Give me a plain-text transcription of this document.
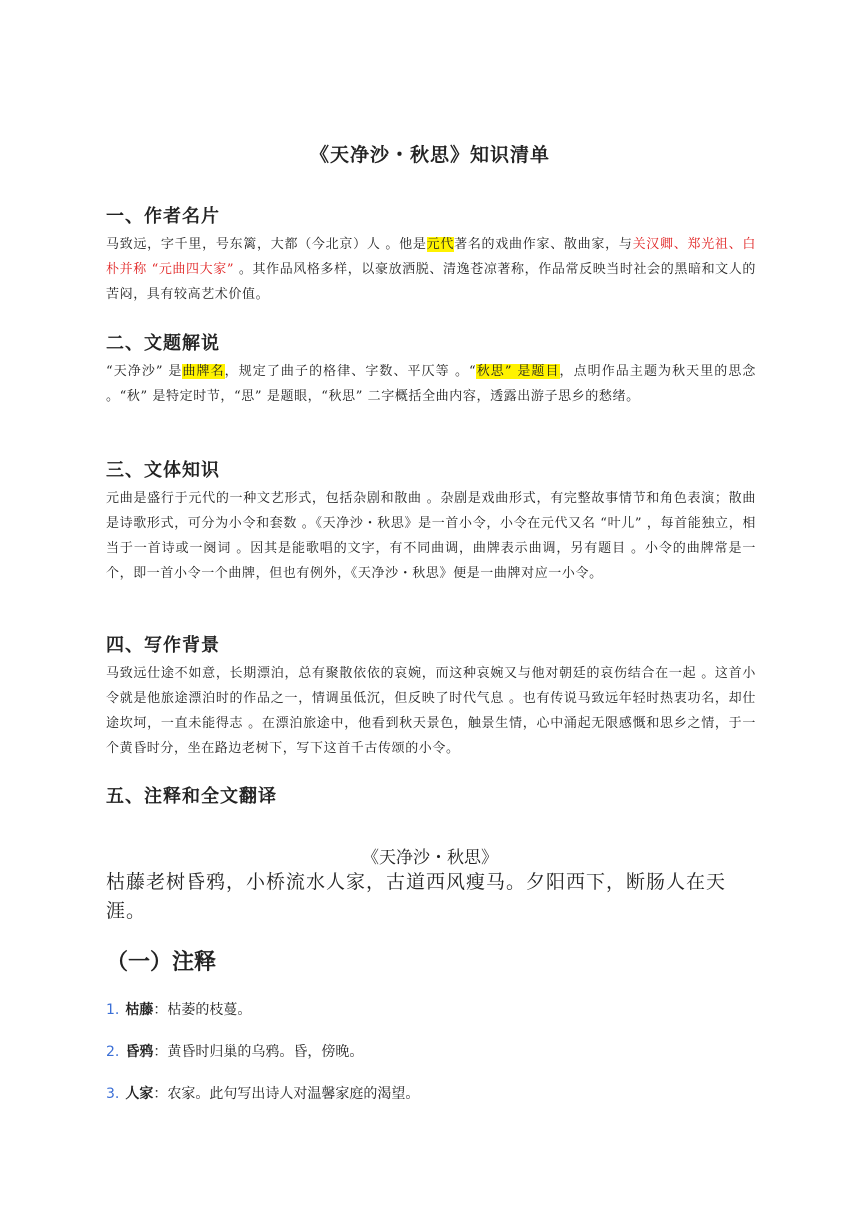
《天净沙・秋思》知识清单
一、作者名片
马致远，字千里，号东篱，大都（今北京）人 。他是元代著名的戏曲作家、散曲家，与关汉卿、郑光祖、白朴并称 “元曲四大家” 。其作品风格多样，以豪放洒脱、清逸苍凉著称，作品常反映当时社会的黑暗和文人的苦闷，具有较高艺术价值。
二、文题解说
“天净沙” 是曲牌名，规定了曲子的格律、字数、平仄等 。“秋思” 是题目，点明作品主题为秋天里的思念 。“秋” 是特定时节，“思” 是题眼，“秋思” 二字概括全曲内容，透露出游子思乡的愁绪。
三、文体知识
元曲是盛行于元代的一种文艺形式，包括杂剧和散曲 。杂剧是戏曲形式，有完整故事情节和角色表演；散曲是诗歌形式，可分为小令和套数 。《天净沙・秋思》是一首小令，小令在元代又名 “叶儿” ，每首能独立，相当于一首诗或一阕词 。因其是能歌唱的文字，有不同曲调，曲牌表示曲调，另有题目 。小令的曲牌常是一个，即一首小令一个曲牌，但也有例外，《天净沙・秋思》便是一曲牌对应一小令。
四、写作背景
马致远仕途不如意，长期漂泊，总有聚散依依的哀婉，而这种哀婉又与他对朝廷的哀伤结合在一起 。这首小令就是他旅途漂泊时的作品之一，情调虽低沉，但反映了时代气息 。也有传说马致远年轻时热衷功名，却仕途坎坷，一直未能得志 。在漂泊旅途中，他看到秋天景色，触景生情，心中涌起无限感慨和思乡之情，于一个黄昏时分，坐在路边老树下，写下这首千古传颂的小令。
五、注释和全文翻译
《天净沙・秋思》
枯藤老树昏鸦，小桥流水人家，古道西风瘦马。夕阳西下，断肠人在天涯。
（一）注释
1. 枯藤：枯萎的枝蔓。
2. 昏鸦：黄昏时归巢的乌鸦。昏，傍晚。
3. 人家：农家。此句写出诗人对温馨家庭的渴望。
